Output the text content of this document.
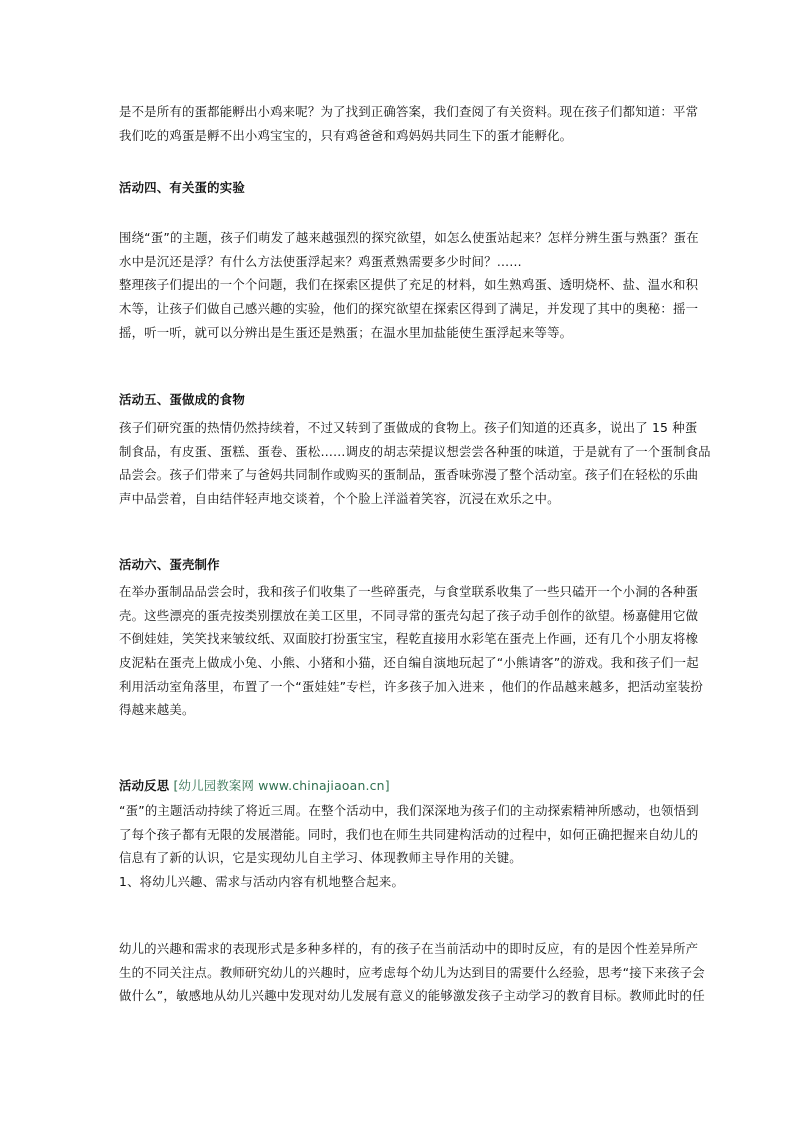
是不是所有的蛋都能孵出小鸡来呢？为了找到正确答案，我们查阅了有关资料。现在孩子们都知道：平常
我们吃的鸡蛋是孵不出小鸡宝宝的，只有鸡爸爸和鸡妈妈共同生下的蛋才能孵化。
活动四、有关蛋的实验
围绕“蛋”的主题，孩子们萌发了越来越强烈的探究欲望，如怎么使蛋站起来？怎样分辨生蛋与熟蛋？蛋在
水中是沉还是浮？有什么方法使蛋浮起来？鸡蛋煮熟需要多少时间？……
整理孩子们提出的一个个问题，我们在探索区提供了充足的材料，如生熟鸡蛋、透明烧杯、盐、温水和积
木等，让孩子们做自己感兴趣的实验，他们的探究欲望在探索区得到了满足，并发现了其中的奥秘：摇一
摇，听一听，就可以分辨出是生蛋还是熟蛋；在温水里加盐能使生蛋浮起来等等。
活动五、蛋做成的食物
孩子们研究蛋的热情仍然持续着，不过又转到了蛋做成的食物上。孩子们知道的还真多，说出了 15 种蛋
制食品，有皮蛋、蛋糕、蛋卷、蛋松……调皮的胡志荣提议想尝尝各种蛋的味道，于是就有了一个蛋制食品
品尝会。孩子们带来了与爸妈共同制作或购买的蛋制品，蛋香味弥漫了整个活动室。孩子们在轻松的乐曲
声中品尝着，自由结伴轻声地交谈着，个个脸上洋溢着笑容，沉浸在欢乐之中。
活动六、蛋壳制作
在举办蛋制品品尝会时，我和孩子们收集了一些碎蛋壳，与食堂联系收集了一些只磕开一个小洞的各种蛋
壳。这些漂亮的蛋壳按类别摆放在美工区里，不同寻常的蛋壳勾起了孩子动手创作的欲望。杨嘉健用它做
不倒娃娃，笑笑找来皱纹纸、双面胶打扮蛋宝宝，程乾直接用水彩笔在蛋壳上作画，还有几个小朋友将橡
皮泥粘在蛋壳上做成小兔、小熊、小猪和小猫，还自编自演地玩起了“小熊请客”的游戏。我和孩子们一起
利用活动室角落里，布置了一个“蛋娃娃”专栏，许多孩子加入进来 ，他们的作品越来越多，把活动室装扮
得越来越美。
活动反思 [幼儿园教案网 www.chinajiaoan.cn]
“蛋”的主题活动持续了将近三周。在整个活动中，我们深深地为孩子们的主动探索精神所感动，也领悟到
了每个孩子都有无限的发展潜能。同时，我们也在师生共同建构活动的过程中，如何正确把握来自幼儿的
信息有了新的认识，它是实现幼儿自主学习、体现教师主导作用的关键。
1、将幼儿兴趣、需求与活动内容有机地整合起来。
幼儿的兴趣和需求的表现形式是多种多样的，有的孩子在当前活动中的即时反应，有的是因个性差异所产
生的不同关注点。教师研究幼儿的兴趣时，应考虑每个幼儿为达到目的需要什么经验，思考“接下来孩子会
做什么”，敏感地从幼儿兴趣中发现对幼儿发展有意义的能够激发孩子主动学习的教育目标。教师此时的任
